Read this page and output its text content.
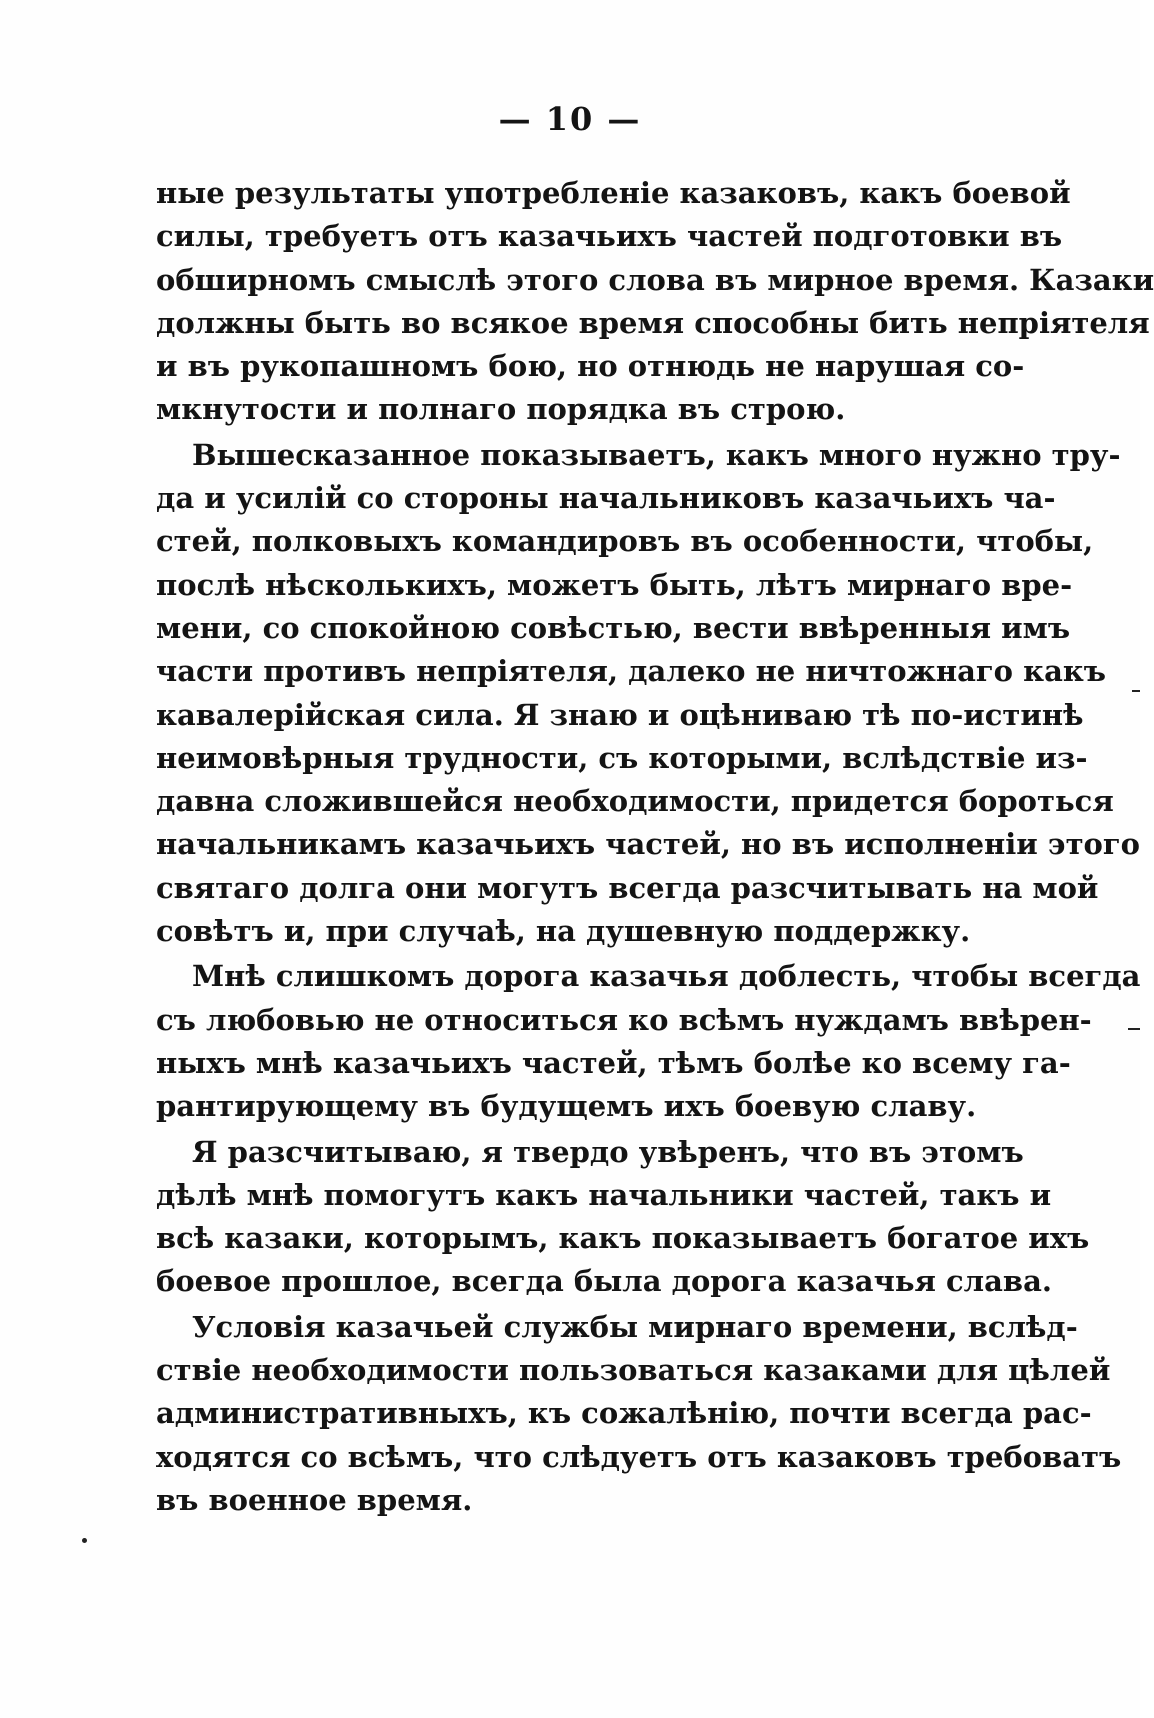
— 10 —
ные результаты употребленіе казаковъ, какъ боевой
силы, требуетъ отъ казачьихъ частей подготовки въ
обширномъ смыслѣ этого слова въ мирное время. Казаки
должны быть во всякое время способны бить непріятеля
и въ рукопашномъ бою, но отнюдь не нарушая со-
мкнутости и полнаго порядка въ строю.
Вышесказанное показываетъ, какъ много нужно тру-
да и усилій со стороны начальниковъ казачьихъ ча-
стей, полковыхъ командировъ въ особенности, чтобы,
послѣ нѣсколькихъ, можетъ быть, лѣтъ мирнаго вре-
мени, со спокойною совѣстью, вести ввѣренныя имъ
части противъ непріятеля, далеко не ничтожнаго какъ
кавалерійская сила. Я знаю и оцѣниваю тѣ по-истинѣ
неимовѣрныя трудности, съ которыми, вслѣдствіе из-
давна сложившейся необходимости, придется бороться
начальникамъ казачьихъ частей, но въ исполненіи этого
святаго долга они могутъ всегда разсчитывать на мой
совѣтъ и, при случаѣ, на душевную поддержку.
Мнѣ слишкомъ дорога казачья доблесть, чтобы всегда
съ любовью не относиться ко всѣмъ нуждамъ ввѣрен-
ныхъ мнѣ казачьихъ частей, тѣмъ болѣе ко всему га-
рантирующему въ будущемъ ихъ боевую славу.
Я разсчитываю, я твердо увѣренъ, что въ этомъ
дѣлѣ мнѣ помогутъ какъ начальники частей, такъ и
всѣ казаки, которымъ, какъ показываетъ богатое ихъ
боевое прошлое, всегда была дорога казачья слава.
Условія казачьей службы мирнаго времени, вслѣд-
ствіе необходимости пользоваться казаками для цѣлей
административныхъ, къ сожалѣнію, почти всегда рас-
ходятся со всѣмъ, что слѣдуетъ отъ казаковъ требоватъ
въ военное время.
